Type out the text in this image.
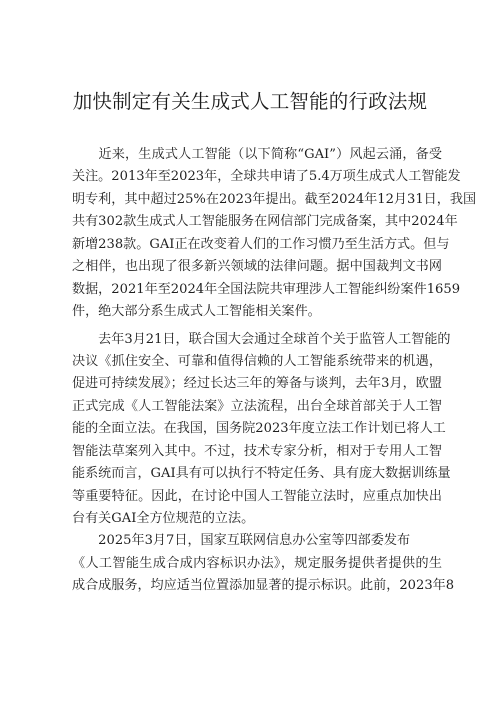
加快制定有关生成式人工智能的行政法规
　　近来，生成式人工智能（以下简称“GAI”）风起云涌，备受
关注。2013年至2023年，全球共申请了5.4万项生成式人工智能发
明专利，其中超过25%在2023年提出。截至2024年12月31日，我国
共有302款生成式人工智能服务在网信部门完成备案，其中2024年
新增238款。GAI正在改变着人们的工作习惯乃至生活方式。但与
之相伴，也出现了很多新兴领域的法律问题。据中国裁判文书网
数据，2021年至2024年全国法院共审理涉人工智能纠纷案件1659
件，绝大部分系生成式人工智能相关案件。
　　去年3月21日，联合国大会通过全球首个关于监管人工智能的
决议《抓住安全、可靠和值得信赖的人工智能系统带来的机遇，
促进可持续发展》；经过长达三年的筹备与谈判，去年3月，欧盟
正式完成《人工智能法案》立法流程，出台全球首部关于人工智
能的全面立法。在我国，国务院2023年度立法工作计划已将人工
智能法草案列入其中。不过，技术专家分析，相对于专用人工智
能系统而言，GAI具有可以执行不特定任务、具有庞大数据训练量
等重要特征。因此，在讨论中国人工智能立法时，应重点加快出
台有关GAI全方位规范的立法。
　　2025年3月7日，国家互联网信息办公室等四部委发布
《人工智能生成合成内容标识办法》，规定服务提供者提供的生
成合成服务，均应适当位置添加显著的提示标识。此前，2023年8
